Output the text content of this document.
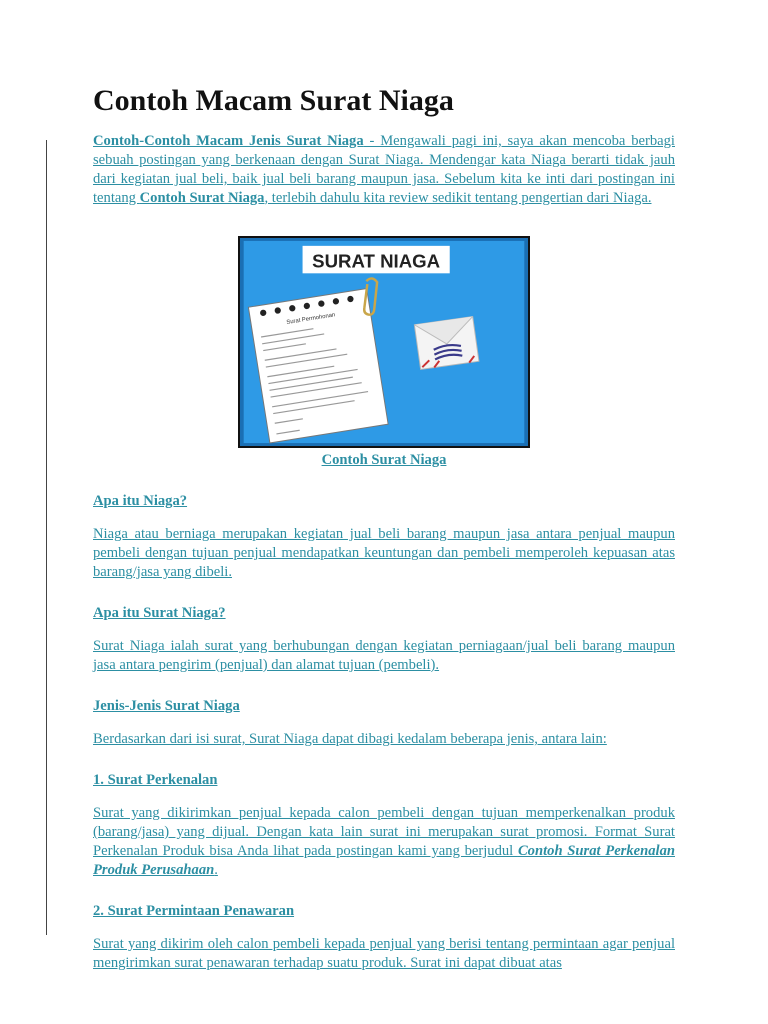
Contoh Macam Surat Niaga

Contoh-Contoh Macam Jenis Surat Niaga - Mengawali pagi ini, saya akan mencoba berbagi sebuah postingan yang berkenaan dengan Surat Niaga. Mendengar kata Niaga berarti tidak jauh dari kegiatan jual beli, baik jual beli barang maupun jasa. Sebelum kita ke inti dari postingan ini tentang Contoh Surat Niaga, terlebih dahulu kita review sedikit tentang pengertian dari Niaga.

SURAT NIAGA
Surat Permohonan

Contoh Surat Niaga

Apa itu Niaga?

Niaga atau berniaga merupakan kegiatan jual beli barang maupun jasa antara penjual maupun pembeli dengan tujuan penjual mendapatkan keuntungan dan pembeli memperoleh kepuasan atas barang/jasa yang dibeli.

Apa itu Surat Niaga?

Surat Niaga ialah surat yang berhubungan dengan kegiatan perniagaan/jual beli barang maupun jasa antara pengirim (penjual) dan alamat tujuan (pembeli).

Jenis-Jenis Surat Niaga

Berdasarkan dari isi surat, Surat Niaga dapat dibagi kedalam beberapa jenis, antara lain:

1. Surat Perkenalan

Surat yang dikirimkan penjual kepada calon pembeli dengan tujuan memperkenalkan produk (barang/jasa) yang dijual. Dengan kata lain surat ini merupakan surat promosi. Format Surat Perkenalan Produk bisa Anda lihat pada postingan kami yang berjudul Contoh Surat Perkenalan Produk Perusahaan.

2. Surat Permintaan Penawaran

Surat yang dikirim oleh calon pembeli kepada penjual yang berisi tentang permintaan agar penjual mengirimkan surat penawaran terhadap suatu produk. Surat ini dapat dibuat atas
